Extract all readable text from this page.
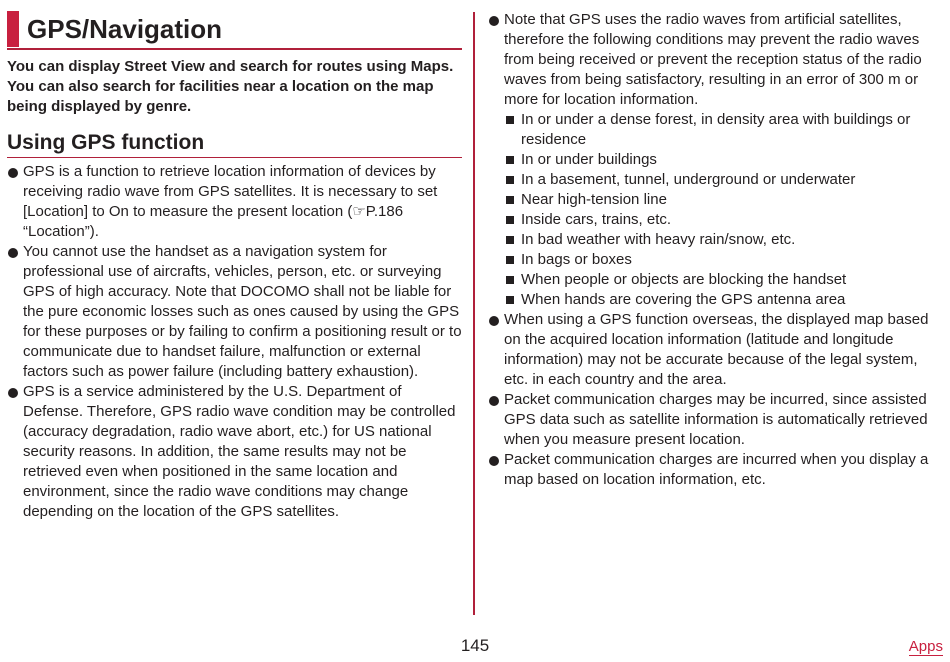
GPS/Navigation
You can display Street View and search for routes using Maps. You can also search for facilities near a location on the map being displayed by genre.
Using GPS function
GPS is a function to retrieve location information of devices by receiving radio wave from GPS satellites. It is necessary to set [Location] to On to measure the present location (☞P.186 “Location”).
You cannot use the handset as a navigation system for professional use of aircrafts, vehicles, person, etc. or surveying GPS of high accuracy. Note that DOCOMO shall not be liable for the pure economic losses such as ones caused by using the GPS for these purposes or by failing to confirm a positioning result or to communicate due to handset failure, malfunction or external factors such as power failure (including battery exhaustion).
GPS is a service administered by the U.S. Department of Defense. Therefore, GPS radio wave condition may be controlled (accuracy degradation, radio wave abort, etc.) for US national security reasons. In addition, the same results may not be retrieved even when positioned in the same location and environment, since the radio wave conditions may change depending on the location of the GPS satellites.
Note that GPS uses the radio waves from artificial satellites, therefore the following conditions may prevent the radio waves from being received or prevent the reception status of the radio waves from being satisfactory, resulting in an error of 300 m or more for location information.
In or under a dense forest, in density area with buildings or residence
In or under buildings
In a basement, tunnel, underground or underwater
Near high-tension line
Inside cars, trains, etc.
In bad weather with heavy rain/snow, etc.
In bags or boxes
When people or objects are blocking the handset
When hands are covering the GPS antenna area
When using a GPS function overseas, the displayed map based on the acquired location information (latitude and longitude information) may not be accurate because of the legal system, etc. in each country and the area.
Packet communication charges may be incurred, since assisted GPS data such as satellite information is automatically retrieved when you measure present location.
Packet communication charges are incurred when you display a map based on location information, etc.
145	Apps
